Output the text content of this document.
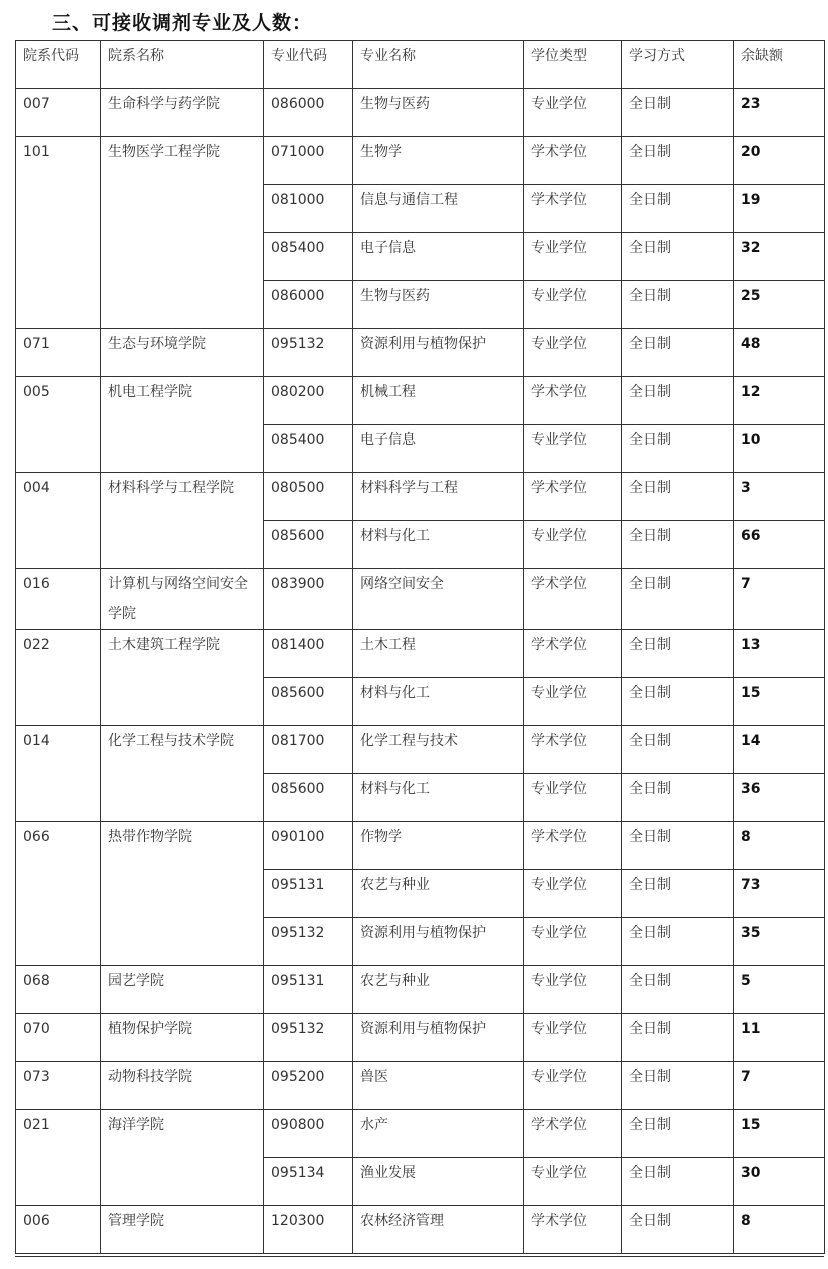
三、可接收调剂专业及人数：
院系代码	院系名称	专业代码	专业名称	学位类型	学习方式	余缺额
007	生命科学与药学院	086000	生物与医药	专业学位	全日制	23
101	生物医学工程学院	071000	生物学	学术学位	全日制	20
		081000	信息与通信工程	学术学位	全日制	19
		085400	电子信息	专业学位	全日制	32
		086000	生物与医药	专业学位	全日制	25
071	生态与环境学院	095132	资源利用与植物保护	专业学位	全日制	48
005	机电工程学院	080200	机械工程	学术学位	全日制	12
		085400	电子信息	专业学位	全日制	10
004	材料科学与工程学院	080500	材料科学与工程	学术学位	全日制	3
		085600	材料与化工	专业学位	全日制	66
016	计算机与网络空间安全学院	083900	网络空间安全	学术学位	全日制	7
022	土木建筑工程学院	081400	土木工程	学术学位	全日制	13
		085600	材料与化工	专业学位	全日制	15
014	化学工程与技术学院	081700	化学工程与技术	学术学位	全日制	14
		085600	材料与化工	专业学位	全日制	36
066	热带作物学院	090100	作物学	学术学位	全日制	8
		095131	农艺与种业	专业学位	全日制	73
		095132	资源利用与植物保护	专业学位	全日制	35
068	园艺学院	095131	农艺与种业	专业学位	全日制	5
070	植物保护学院	095132	资源利用与植物保护	专业学位	全日制	11
073	动物科技学院	095200	兽医	专业学位	全日制	7
021	海洋学院	090800	水产	学术学位	全日制	15
		095134	渔业发展	专业学位	全日制	30
006	管理学院	120300	农林经济管理	学术学位	全日制	8
